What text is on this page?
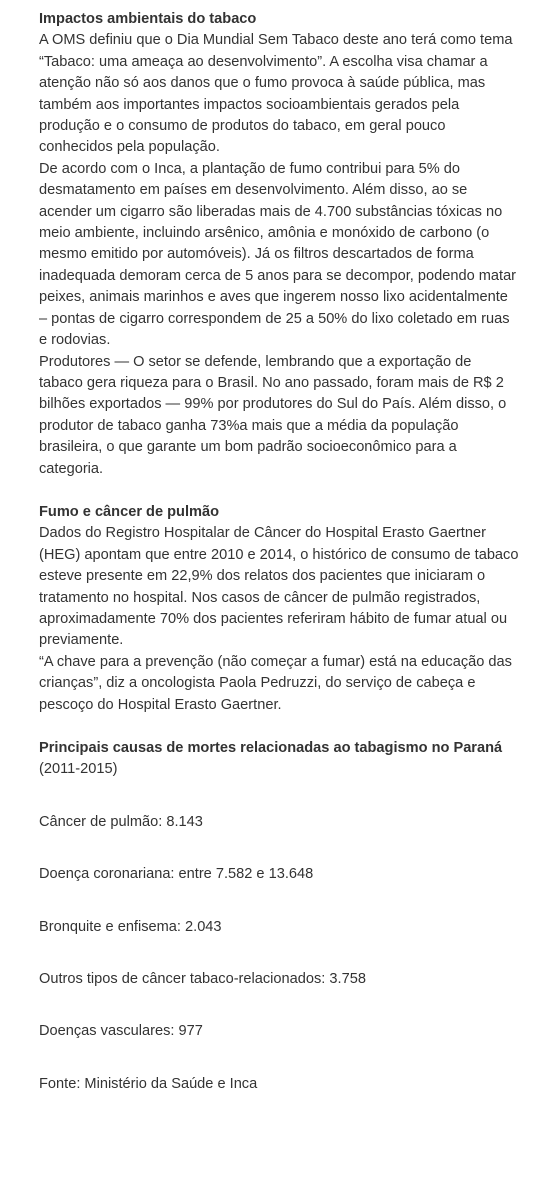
Impactos ambientais do tabaco

A OMS definiu que o Dia Mundial Sem Tabaco deste ano terá como tema “Tabaco: uma ameaça ao desenvolvimento”. A escolha visa chamar a atenção não só aos danos que o fumo provoca à saúde pública, mas também aos importantes impactos socioambientais gerados pela produção e o consumo de produtos do tabaco, em geral pouco conhecidos pela população.

De acordo com o Inca, a plantação de fumo contribui para 5% do desmatamento em países em desenvolvimento. Além disso, ao se acender um cigarro são liberadas mais de 4.700 substâncias tóxicas no meio ambiente, incluindo arsênico, amônia e monóxido de carbono (o mesmo emitido por automóveis). Já os filtros descartados de forma inadequada demoram cerca de 5 anos para se decompor, podendo matar peixes, animais marinhos e aves que ingerem nosso lixo acidentalmente – pontas de cigarro correspondem de 25 a 50% do lixo coletado em ruas e rodovias.

Produtores — O setor se defende, lembrando que a exportação de tabaco gera riqueza para o Brasil. No ano passado, foram mais de R$ 2 bilhões exportados — 99% por produtores do Sul do País. Além disso, o produtor de tabaco ganha 73%a mais que a média da população brasileira, o que garante um bom padrão socioeconômico para a categoria.

Fumo e câncer de pulmão

Dados do Registro Hospitalar de Câncer do Hospital Erasto Gaertner (HEG) apontam que entre 2010 e 2014, o histórico de consumo de tabaco esteve presente em 22,9% dos relatos dos pacientes que iniciaram o tratamento no hospital. Nos casos de câncer de pulmão registrados, aproximadamente 70% dos pacientes referiram hábito de fumar atual ou previamente.

“A chave para a prevenção (não começar a fumar) está na educação das crianças”, diz a oncologista Paola Pedruzzi, do serviço de cabeça e pescoço do Hospital Erasto Gaertner.

Principais causas de mortes relacionadas ao tabagismo no Paraná

(2011-2015)

Câncer de pulmão: 8.143

Doença coronariana: entre 7.582 e 13.648

Bronquite e enfisema: 2.043

Outros tipos de câncer tabaco-relacionados: 3.758

Doenças vasculares: 977

Fonte: Ministério da Saúde e Inca
